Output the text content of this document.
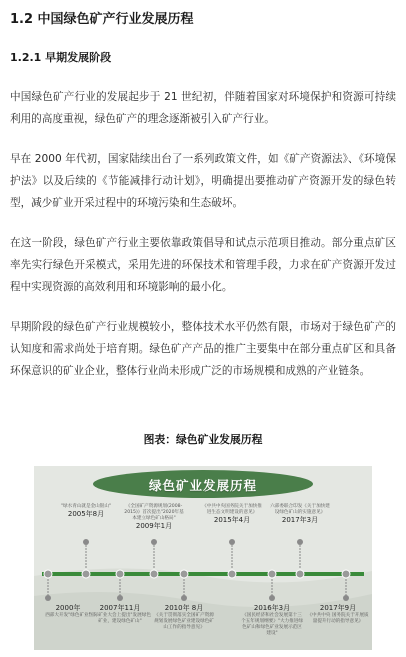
1.2 中国绿色矿产行业发展历程
1.2.1 早期发展阶段
中国绿色矿产行业的发展起步于 21 世纪初，伴随着国家对环境保护和资源可持续利用的高度重视，绿色矿产的理念逐渐被引入矿产行业。
早在 2000 年代初，国家陆续出台了一系列政策文件，如《矿产资源法》、《环境保护法》以及后续的《节能减排行动计划》，明确提出要推动矿产资源开发的绿色转型，减少矿业开采过程中的环境污染和生态破坏。
在这一阶段，绿色矿产行业主要依靠政策倡导和试点示范项目推动。部分重点矿区率先实行绿色开采模式，采用先进的环保技术和管理手段，力求在矿产资源开发过程中实现资源的高效利用和环境影响的最小化。
早期阶段的绿色矿产行业规模较小，整体技术水平仍然有限，市场对于绿色矿产的认知度和需求尚处于培育期。绿色矿产产品的推广主要集中在部分重点矿区和具备环保意识的矿业企业，整体行业尚未形成广泛的市场规模和成熟的产业链条。
图表：绿色矿业发展历程
绿色矿业发展历程
"绿水青山就是金山银山"
2005年8月
《全国矿产资源规划(2008-2015)》首次提出"2020年基本建立绿色矿山格局"
2009年1月
《中共中央国务院关于加快推进生态文明建设的意见》
2015年4月
六部委联合印发《关于加快建设绿色矿山的实施意见》
2017年3月
2000年
西部大开发"绿色矿业"
2007年11月
国际矿业大会上提出"发展绿色矿业，建设绿色矿山"
2010年 8月
《关于贯彻落实全国矿产资源规划发展绿色矿业建设绿色矿山工作的指导意见》
2016年3月
《国民经济和社会发展第十三个五年规划纲要》"大力推进绿色矿山和绿色矿业发展示范区建设"
2017年9月
《中共中央 国务院关于开展质量提升行动的指导意见》
